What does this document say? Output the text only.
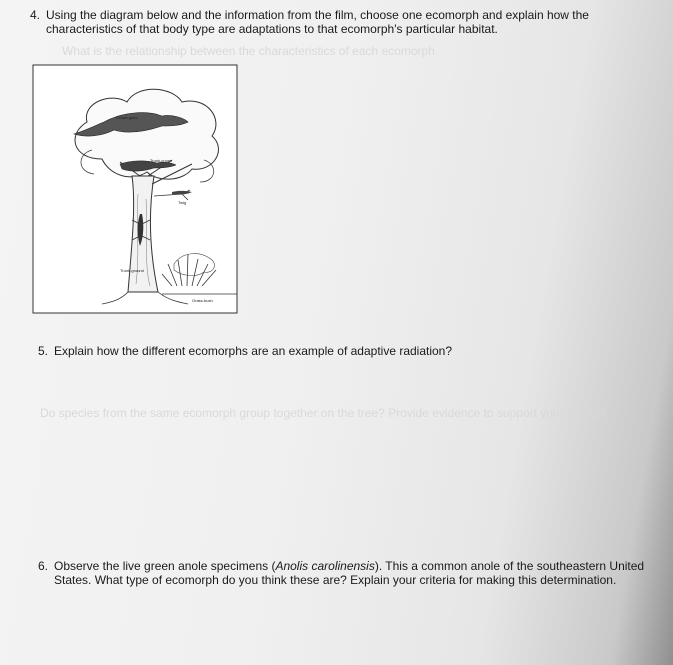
What is the relationship between the characteristics of each ecomorph
Do species from the same ecomorph group together on the tree? Provide evidence to support your answer.
4. Using the diagram below and the information from the film, choose one ecomorph and explain how the characteristics of that body type are adaptations to that ecomorph's particular habitat.
Crown-giant
Trunk-crown
Twig
Trunk-ground
Grass-bush
5. Explain how the different ecomorphs are an example of adaptive radiation?
6. Observe the live green anole specimens (Anolis carolinensis). This a common anole of the southeastern United States. What type of ecomorph do you think these are? Explain your criteria for making this determination.
